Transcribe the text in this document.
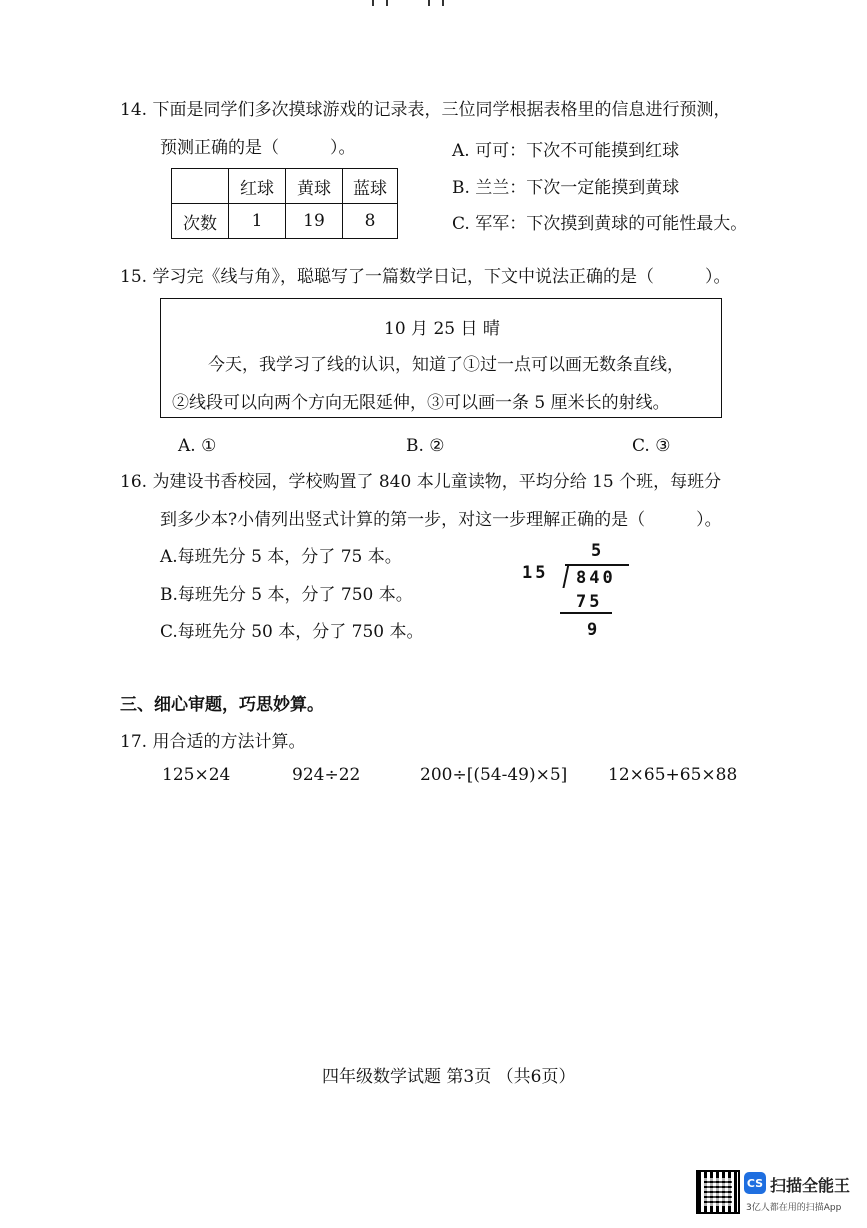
14. 下面是同学们多次摸球游戏的记录表，三位同学根据表格里的信息进行预测，
预测正确的是（　　　）。
	红球	黄球	蓝球
次数	1	19	8
A. 可可：下次不可能摸到红球
B. 兰兰：下次一定能摸到黄球
C. 军军：下次摸到黄球的可能性最大。
15. 学习完《线与角》，聪聪写了一篇数学日记，下文中说法正确的是（　　　）。
10 月 25 日 晴
今天，我学习了线的认识，知道了①过一点可以画无数条直线，
②线段可以向两个方向无限延伸，③可以画一条 5 厘米长的射线。
A. ①	B. ②	C. ③
16. 为建设书香校园，学校购置了 840 本儿童读物，平均分给 15 个班，每班分
到多少本?小倩列出竖式计算的第一步，对这一步理解正确的是（　　　）。
A.每班先分 5 本，分了 75 本。
B.每班先分 5 本，分了 750 本。
C.每班先分 50 本，分了 750 本。
5
15 840
75
9
三、细心审题，巧思妙算。
17. 用合适的方法计算。
125×24	924÷22	200÷[(54-49)×5] 12×65+65×88
四年级数学试题 第3页 （共6页）
CS 扫描全能王
3亿人都在用的扫描App
